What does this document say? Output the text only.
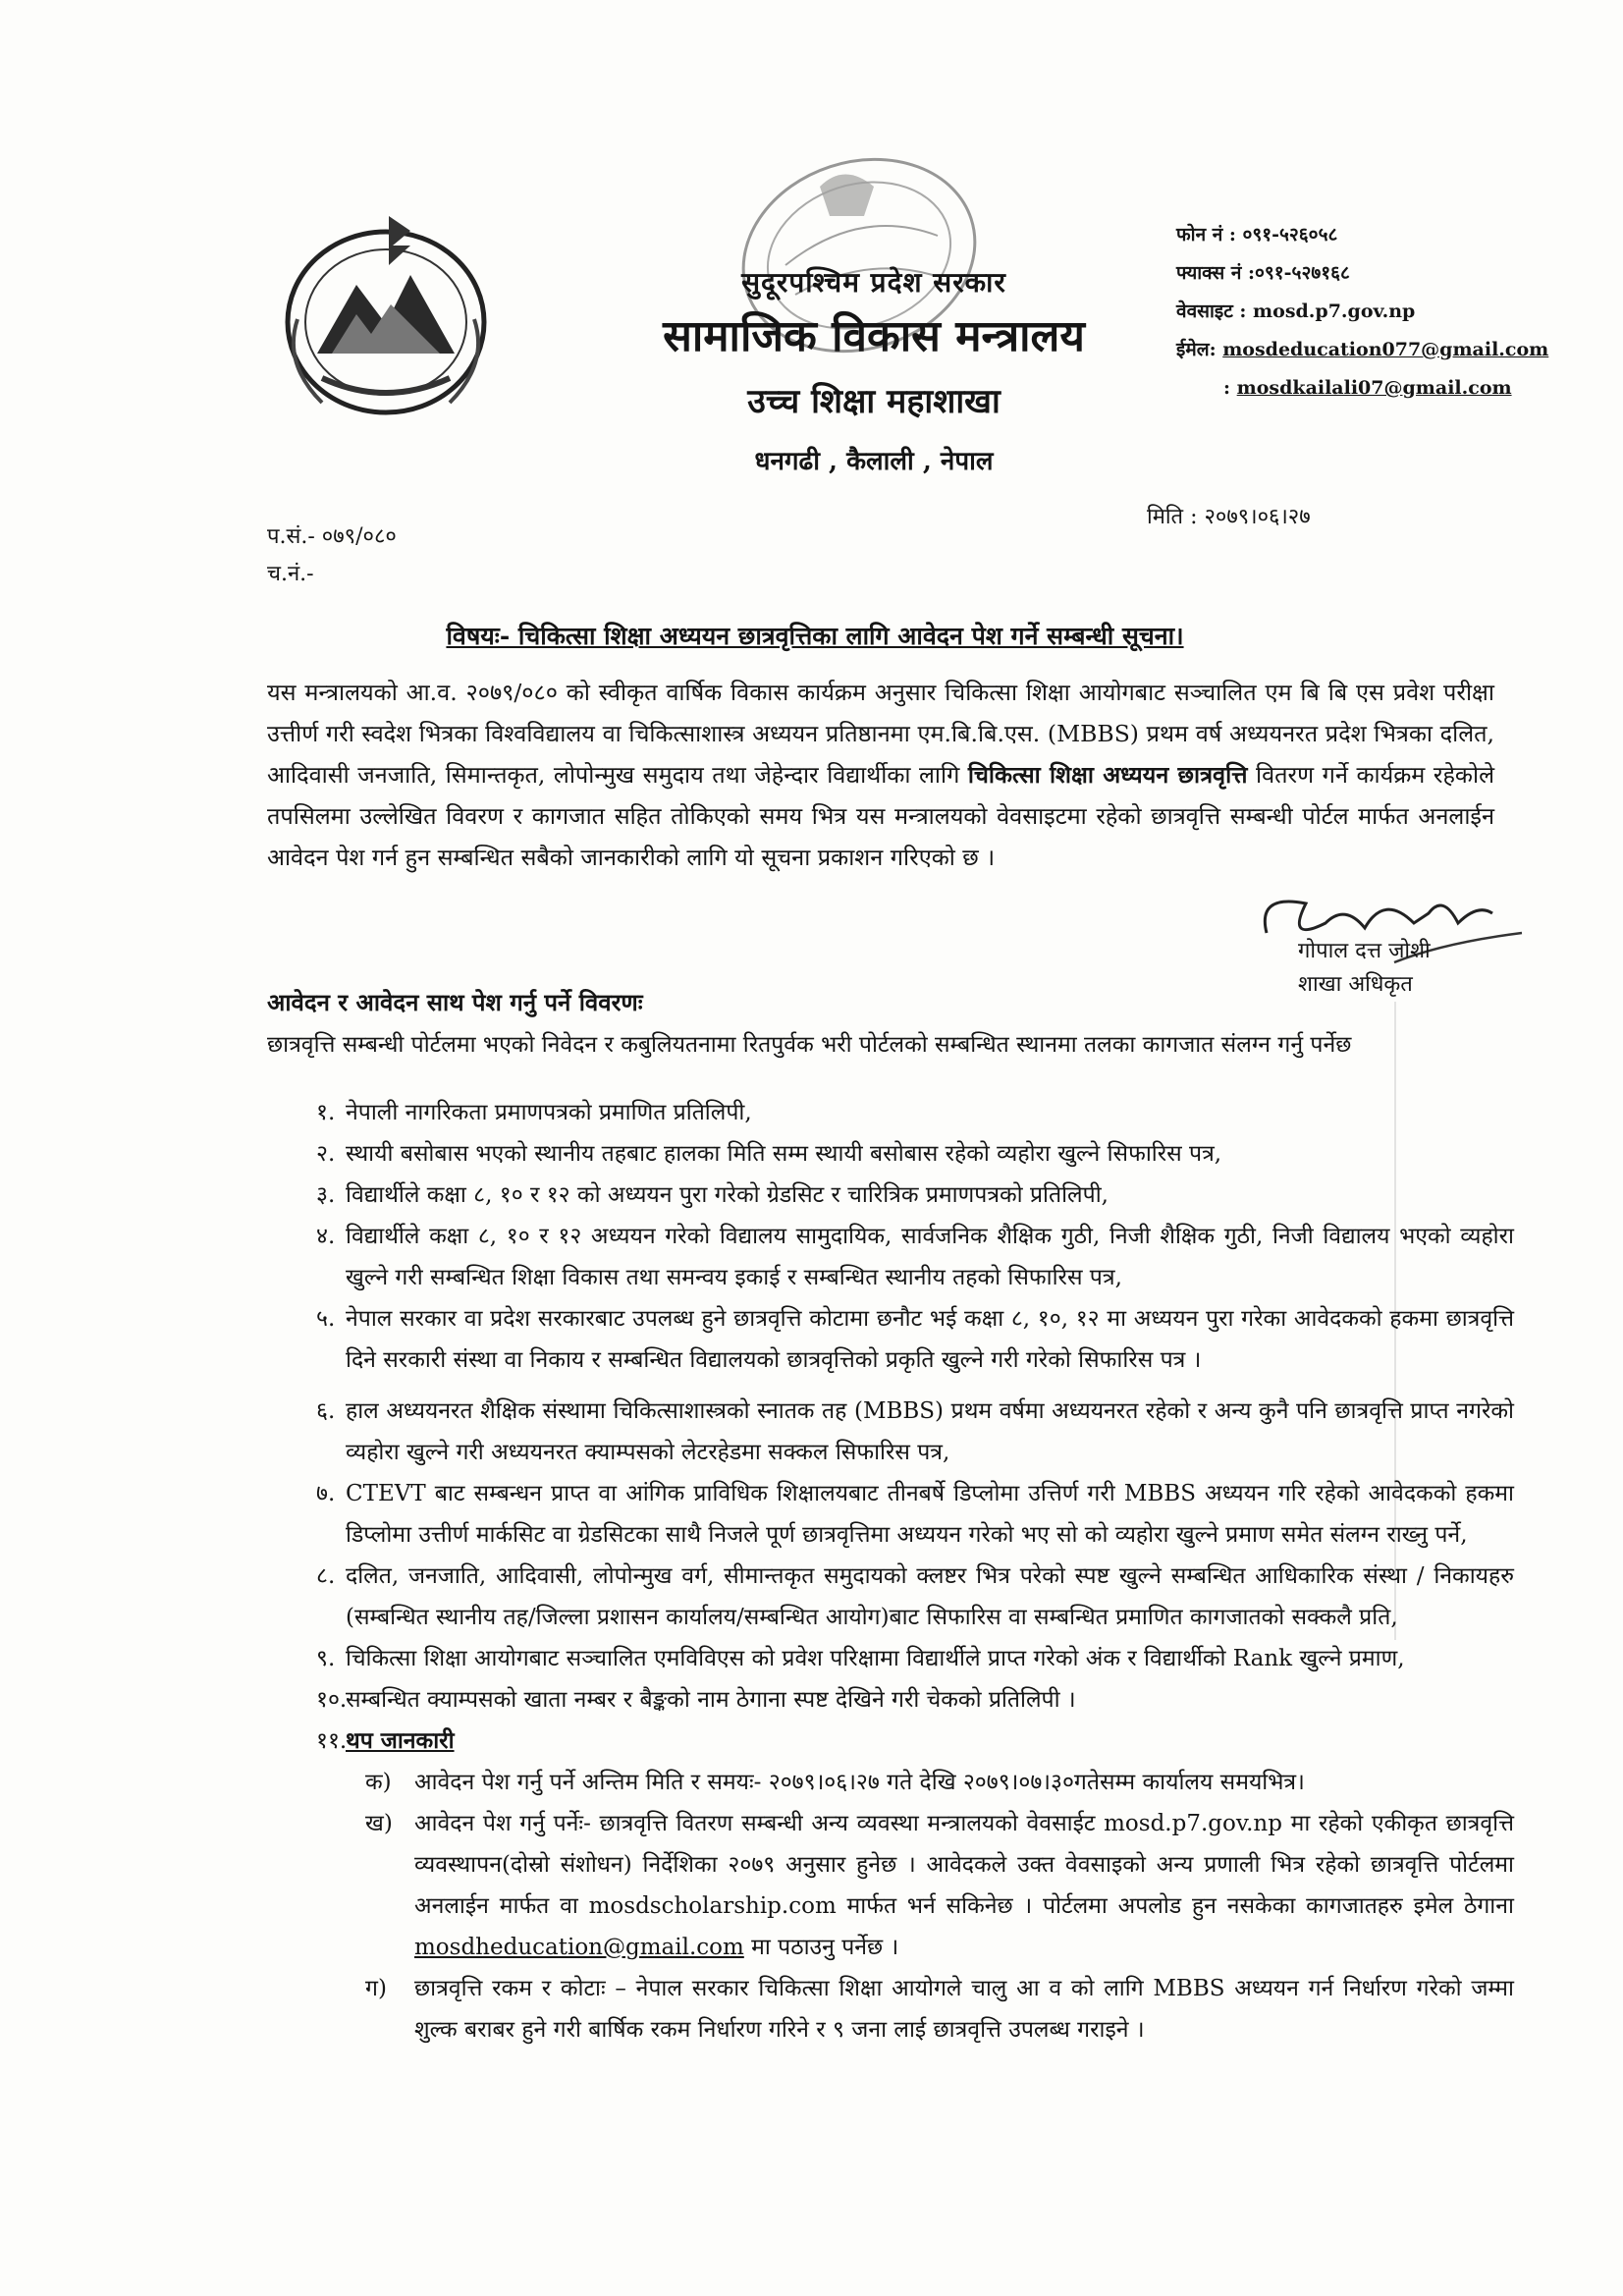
सुदूरपश्चिम प्रदेश सरकार
सामाजिक विकास मन्त्रालय
उच्च शिक्षा महाशाखा
धनगढी , कैलाली , नेपाल
फोन नं : ०९१-५२६०५८
फ्याक्स नं :०९१-५२७१६८
वेवसाइट : mosd.p7.gov.np
ईमेल: mosdeducation077@gmail.com
: mosdkailali07@gmail.com
प.सं.- ०७९/०८०
च.नं.-
मिति : २०७९।०६।२७
विषयः- चिकित्सा शिक्षा अध्ययन छात्रवृत्तिका लागि आवेदन पेश गर्ने सम्बन्धी सूचना।
यस मन्त्रालयको आ.व. २०७९/०८० को स्वीकृत वार्षिक विकास कार्यक्रम अनुसार चिकित्सा शिक्षा आयोगबाट सञ्चालित एम बि बि एस प्रवेश परीक्षा उत्तीर्ण गरी स्वदेश भित्रका विश्वविद्यालय वा चिकित्साशास्त्र अध्ययन प्रतिष्ठानमा एम.बि.बि.एस. (MBBS) प्रथम वर्ष अध्ययनरत प्रदेश भित्रका दलित, आदिवासी जनजाति, सिमान्तकृत, लोपोन्मुख समुदाय तथा जेहेन्दार विद्यार्थीका लागि चिकित्सा शिक्षा अध्ययन छात्रवृत्ति वितरण गर्ने कार्यक्रम रहेकोले तपसिलमा उल्लेखित विवरण र कागजात सहित तोकिएको समय भित्र यस मन्त्रालयको वेवसाइटमा रहेको छात्रवृत्ति सम्बन्धी पोर्टल मार्फत अनलाईन आवेदन पेश गर्न हुन सम्बन्धित सबैको जानकारीको लागि यो सूचना प्रकाशन गरिएको छ ।
गोपाल दत्त जोशी
शाखा अधिकृत
आवेदन र आवेदन साथ पेश गर्नु पर्ने विवरणः
छात्रवृत्ति सम्बन्धी पोर्टलमा भएको निवेदन र कबुलियतनामा रितपुर्वक भरी पोर्टलको सम्बन्धित स्थानमा तलका कागजात संलग्न गर्नु पर्नेछ
१. नेपाली नागरिकता प्रमाणपत्रको प्रमाणित प्रतिलिपी,
२. स्थायी बसोबास भएको स्थानीय तहबाट हालका मिति सम्म स्थायी बसोबास रहेको व्यहोरा खुल्ने सिफारिस पत्र,
३. विद्यार्थीले कक्षा ८, १० र १२ को अध्ययन पुरा गरेको ग्रेडसिट र चारित्रिक प्रमाणपत्रको प्रतिलिपी,
४. विद्यार्थीले कक्षा ८, १० र १२ अध्ययन गरेको विद्यालय सामुदायिक, सार्वजनिक शैक्षिक गुठी, निजी शैक्षिक गुठी, निजी विद्यालय भएको व्यहोरा खुल्ने गरी सम्बन्धित शिक्षा विकास तथा समन्वय इकाई र सम्बन्धित स्थानीय तहको सिफारिस पत्र,
५. नेपाल सरकार वा प्रदेश सरकारबाट उपलब्ध हुने छात्रवृत्ति कोटामा छनौट भई कक्षा ८, १०, १२ मा अध्ययन पुरा गरेका आवेदकको हकमा छात्रवृत्ति दिने सरकारी संस्था वा निकाय र सम्बन्धित विद्यालयको छात्रवृत्तिको प्रकृति खुल्ने गरी गरेको सिफारिस पत्र ।
६. हाल अध्ययनरत शैक्षिक संस्थामा चिकित्साशास्त्रको स्नातक तह (MBBS) प्रथम वर्षमा अध्ययनरत रहेको र अन्य कुनै पनि छात्रवृत्ति प्राप्त नगरेको व्यहोरा खुल्ने गरी अध्ययनरत क्याम्पसको लेटरहेडमा सक्कल सिफारिस पत्र,
७. CTEVT बाट सम्बन्धन प्राप्त वा आंगिक प्राविधिक शिक्षालयबाट तीनबर्षे डिप्लोमा उत्तिर्ण गरी MBBS अध्ययन गरि रहेको आवेदकको हकमा डिप्लोमा उत्तीर्ण मार्कसिट वा ग्रेडसिटका साथै निजले पूर्ण छात्रवृत्तिमा अध्ययन गरेको भए सो को व्यहोरा खुल्ने प्रमाण समेत संलग्न राख्नु पर्ने,
८. दलित, जनजाति, आदिवासी, लोपोन्मुख वर्ग, सीमान्तकृत समुदायको क्लष्टर भित्र परेको स्पष्ट खुल्ने सम्बन्धित आधिकारिक संस्था / निकायहरु (सम्बन्धित स्थानीय तह/जिल्ला प्रशासन कार्यालय/सम्बन्धित आयोग)बाट सिफारिस वा सम्बन्धित प्रमाणित कागजातको सक्कलै प्रति,
९. चिकित्सा शिक्षा आयोगबाट सञ्चालित एमविविएस को प्रवेश परिक्षामा विद्यार्थीले प्राप्त गरेको अंक र विद्यार्थीको Rank खुल्ने प्रमाण,
१०.
सम्बन्धित क्याम्पसको खाता नम्बर र बैङ्कको नाम ठेगाना स्पष्ट देखिने गरी चेकको प्रतिलिपी ।
११.
थप जानकारी
क) आवेदन पेश गर्नु पर्ने अन्तिम मिति र समयः- २०७९।०६।२७ गते देखि २०७९।०७।३०गतेसम्म कार्यालय समयभित्र।
ख) आवेदन पेश गर्नु पर्नेः- छात्रवृत्ति वितरण सम्बन्धी अन्य व्यवस्था मन्त्रालयको वेवसाईट mosd.p7.gov.np मा रहेको एकीकृत छात्रवृत्ति व्यवस्थापन(दोस्रो संशोधन) निर्देशिका २०७९ अनुसार हुनेछ । आवेदकले उक्त वेवसाइको अन्य प्रणाली भित्र रहेको छात्रवृत्ति पोर्टलमा अनलाईन मार्फत वा mosdscholarship.com मार्फत भर्न सकिनेछ । पोर्टलमा अपलोड हुन नसकेका कागजातहरु इमेल ठेगाना mosdheducation@gmail.com मा पठाउनु पर्नेछ ।
ग) छात्रवृत्ति रकम र कोटाः – नेपाल सरकार चिकित्सा शिक्षा आयोगले चालु आ व को लागि MBBS अध्ययन गर्न निर्धारण गरेको जम्मा शुल्क बराबर हुने गरी बार्षिक रकम निर्धारण गरिने र ९ जना लाई छात्रवृत्ति उपलब्ध गराइने ।
